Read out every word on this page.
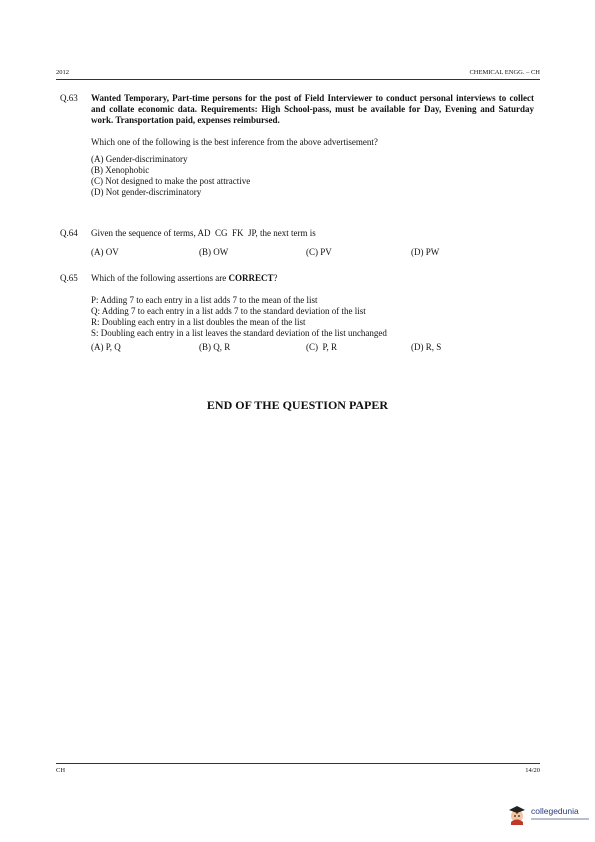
2012	CHEMICAL ENGG. – CH
Q.63	Wanted Temporary, Part-time persons for the post of Field Interviewer to conduct personal interviews to collect and collate economic data. Requirements: High School-pass, must be available for Day, Evening and Saturday work. Transportation paid, expenses reimbursed.
Which one of the following is the best inference from the above advertisement?
(A) Gender-discriminatory
(B) Xenophobic
(C) Not designed to make the post attractive
(D) Not gender-discriminatory
Q.64	Given the sequence of terms, AD  CG  FK  JP, the next term is
(A) OV	(B) OW	(C) PV	(D) PW
Q.65	Which of the following assertions are CORRECT?
P: Adding 7 to each entry in a list adds 7 to the mean of the list
Q: Adding 7 to each entry in a list adds 7 to the standard deviation of the list
R: Doubling each entry in a list doubles the mean of the list
S: Doubling each entry in a list leaves the standard deviation of the list unchanged
(A) P, Q	(B) Q, R	(C)  P, R	(D) R, S
END OF THE QUESTION PAPER
CH	14/20
collegedunia
